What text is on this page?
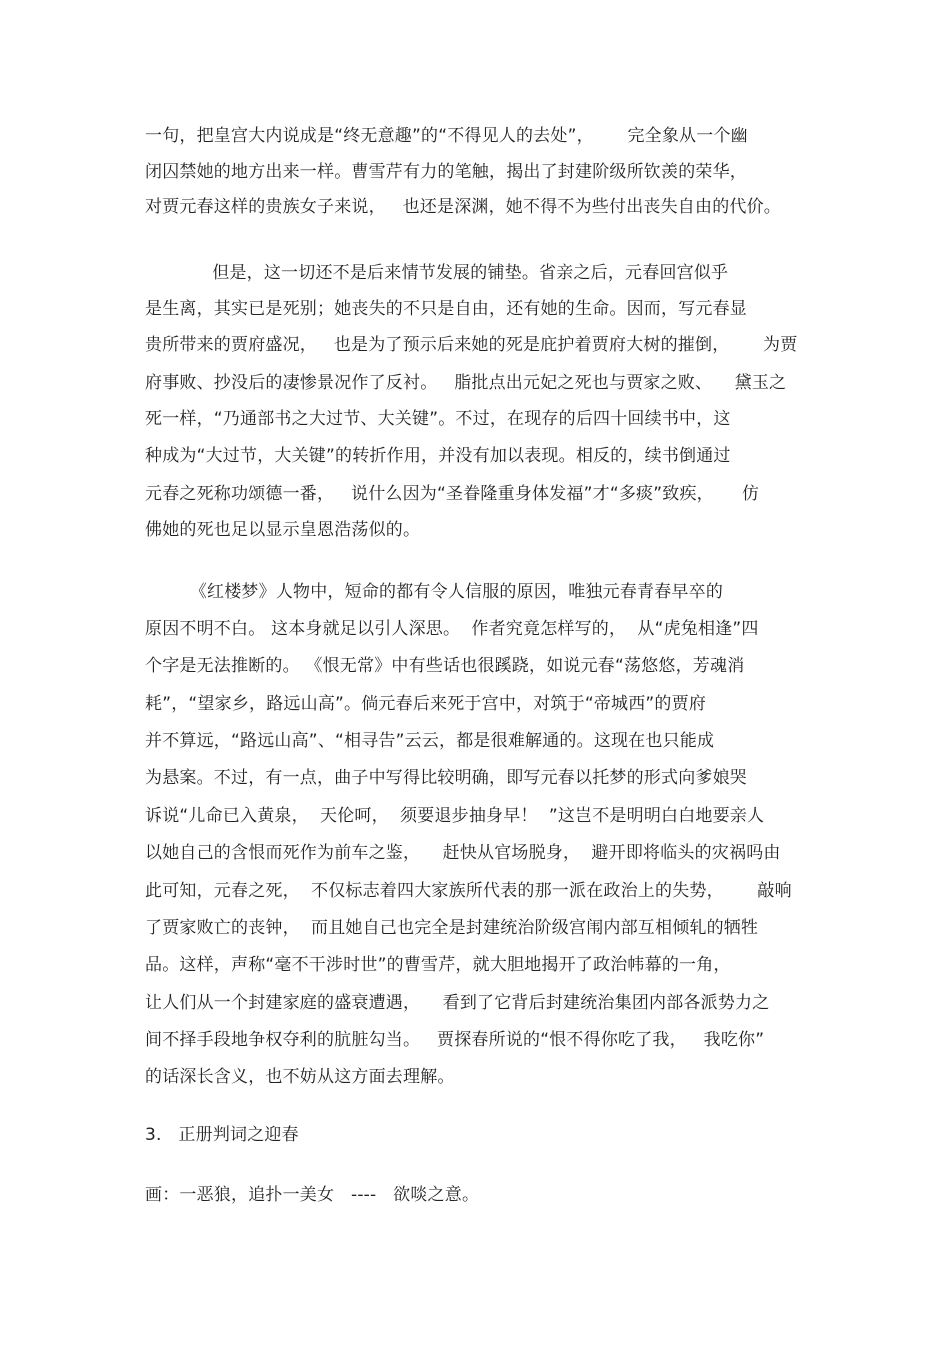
一句，把皇宫大内说成是“终无意趣”的“不得见人的去处”，      完全象从一个幽
闭囚禁她的地方出来一样。曹雪芹有力的笔触，揭出了封建阶级所钦羡的荣华，
对贾元春这样的贵族女子来说，   也还是深渊，她不得不为些付出丧失自由的代价。
但是，这一切还不是后来情节发展的铺垫。省亲之后，元春回宫似乎
是生离，其实已是死别；她丧失的不只是自由，还有她的生命。因而，写元春显
贵所带来的贾府盛况，   也是为了预示后来她的死是庇护着贾府大树的摧倒，      为贾
府事败、抄没后的凄惨景况作了反衬。   脂批点出元妃之死也与贾家之败、    黛玉之
死一样，“乃通部书之大过节、大关键”。不过，在现存的后四十回续书中，这
种成为“大过节，大关键”的转折作用，并没有加以表现。相反的，续书倒通过
元春之死称功颂德一番，   说什么因为“圣眷隆重身体发福”才“多痰”致疾，     仿
佛她的死也足以显示皇恩浩荡似的。
《红楼梦》人物中，短命的都有令人信服的原因，唯独元春青春早卒的
原因不明不白。 这本身就足以引人深思。  作者究竟怎样写的，  从“虎兔相逢”四
个字是无法推断的。 《恨无常》中有些话也很蹊跷，如说元春“荡悠悠，芳魂消
耗”，“望家乡，路远山高”。倘元春后来死于宫中，对筑于“帝城西”的贾府
并不算远，“路远山高”、“相寻告”云云，都是很难解通的。这现在也只能成
为悬案。不过，有一点，曲子中写得比较明确，即写元春以托梦的形式向爹娘哭
诉说“儿命已入黄泉，  天伦呵，  须要退步抽身早！  ”这岂不是明明白白地要亲人
以她自己的含恨而死作为前车之鉴，    赶快从官场脱身，  避开即将临头的灾祸吗由
此可知，元春之死，  不仅标志着四大家族所代表的那一派在政治上的失势，      敲响
了贾家败亡的丧钟，  而且她自己也完全是封建统治阶级宫闱内部互相倾轧的牺牲
品。这样，声称“毫不干涉时世”的曹雪芹，就大胆地揭开了政治帏幕的一角，
让人们从一个封建家庭的盛衰遭遇，    看到了它背后封建统治集团内部各派势力之
间不择手段地争权夺利的肮脏勾当。   贾探春所说的“恨不得你吃了我，   我吃你”
的话深长含义，也不妨从这方面去理解。
3.   正册判词之迎春
画：一恶狼，追扑一美女   ----   欲啖之意。
